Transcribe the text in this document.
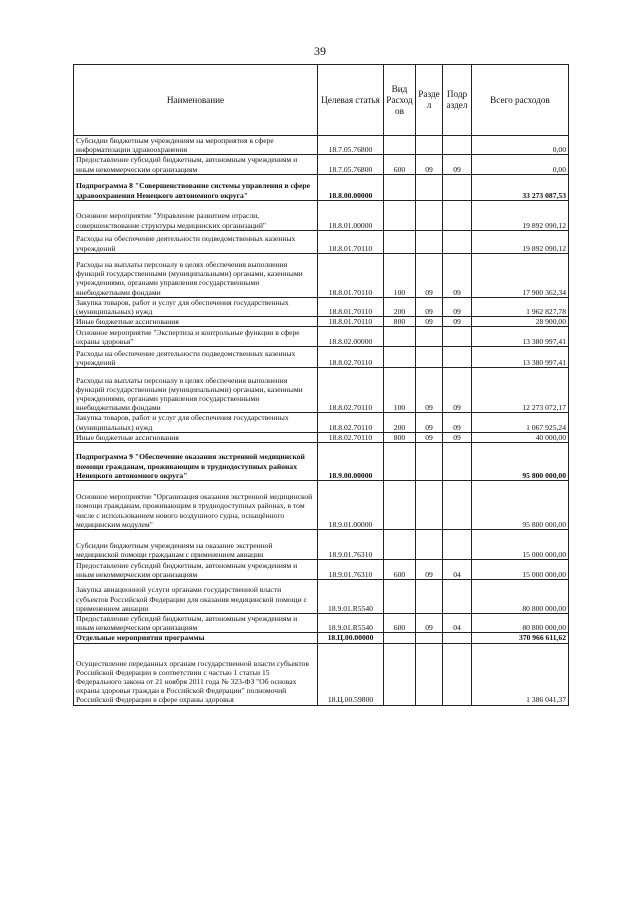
39
Наименование	Целевая статья	Вид Расход ов	Разде л	Подр аздел	Всего расходов
Субсидии бюджетным учреждениям на мероприятия в сфере информатизации здравоохранения	18.7.05.76800				0,00
Предоставление субсидий бюджетным, автономным учреждениям и иным некоммерческим организациям	18.7.05.76800	600	09	09	0,00
Подпрограмма 8 "Совершенствование системы управления в сфере здравоохранения Ненецкого автономного округа"	18.8.00.00000				33 273 087,53
Основное мероприятие "Управление развитием отрасли, совершенствование структуры медицинских организаций"	18.8.01.00000				19 892 090,12
Расходы на обеспечение деятельности подведомственных казенных учреждений	18.8.01.70110				19 892 090,12
Расходы на выплаты персоналу в целях обеспечения выполнения функций государственными (муниципальными) органами, казенными учреждениями, органами управления государственными внебюджетными фондами	18.8.01.70110	100	09	09	17 900 362,34
Закупка товаров, работ и услуг для обеспечения государственных (муниципальных) нужд	18.8.01.70110	200	09	09	1 962 827,78
Иные бюджетные ассигнования	18.8.01.70110	800	09	09	28 900,00
Основное мероприятие "Экспертиза и контрольные функции в сфере охраны здоровья"	18.8.02.00000				13 380 997,41
Расходы на обеспечение деятельности подведомственных казенных учреждений	18.8.02.70110				13 380 997,41
Расходы на выплаты персоналу в целях обеспечения выполнения функций государственными (муниципальными) органами, казенными учреждениями, органами управления государственными внебюджетными фондами	18.8.02.70110	100	09	09	12 273 072,17
Закупка товаров, работ и услуг для обеспечения государственных (муниципальных) нужд	18.8.02.70110	200	09	09	1 067 925,24
Иные бюджетные ассигнования	18.8.02.70110	800	09	09	40 000,00
Подпрограмма 9 "Обеспечение оказания экстренной медицинской помощи гражданам, проживающим в труднодоступных районах Ненецкого автономного округа"	18.9.00.00000				95 800 000,00
Основное мероприятие "Организация оказания экстренной медицинской помощи гражданам, проживающим в труднодоступных районах, в том числе с использованием нового воздушного судна, оснащённого медицинским модулем"	18.9.01.00000				95 800 000,00
Субсидии бюджетным учреждениям на оказание экстренной медицинской помощи гражданам с применением авиации	18.9.01.76310				15 000 000,00
Предоставление субсидий бюджетным, автономным учреждениям и иным некоммерческим организациям	18.9.01.76310	600	09	04	15 000 000,00
Закупка авиационной услуги органами государственной власти субъектов Российской Федерации для оказания медицинской помощи с применением авиации	18.9.01.R5540				80 800 000,00
Предоставление субсидий бюджетным, автономным учреждениям и иным некоммерческим организациям	18.9.01.R5540	600	09	04	80 800 000,00
Отдельные мероприятия программы	18.Ц.00.00000				370 966 611,62
Осуществление переданных органам государственной власти субъектов Российской Федерации в соответствии с частью 1 статьи 15 Федерального закона от 21 ноября 2011 года № 323-ФЗ "Об основах охраны здоровья граждан в Российской Федерации" полномочий Российской Федерации в сфере охраны здоровья	18.Ц.00.59800				1 386 041,37
